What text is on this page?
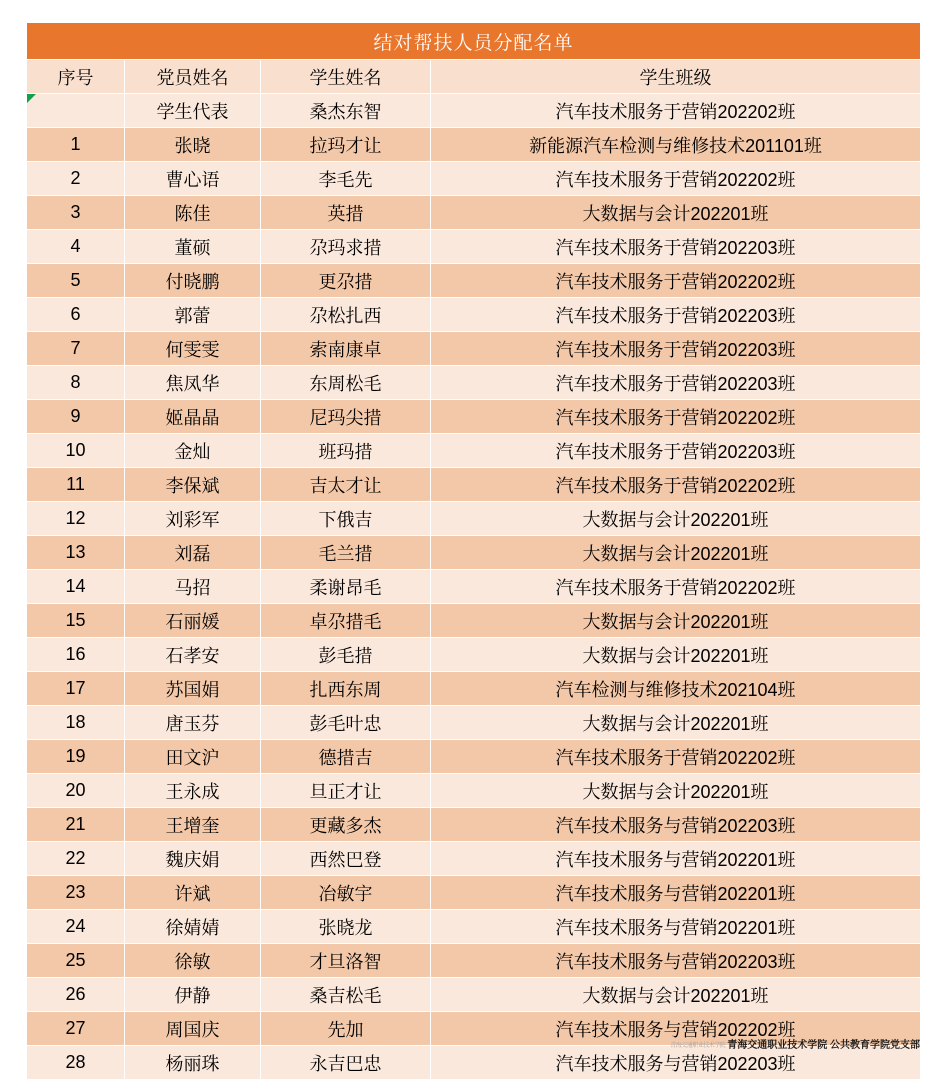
结对帮扶人员分配名单			
序号	党员姓名	学生姓名	学生班级
	学生代表	桑杰东智	汽车技术服务于营销202202班
1	张晓	拉玛才让	新能源汽车检测与维修技术201101班
2	曹心语	李毛先	汽车技术服务于营销202202班
3	陈佳	英措	大数据与会计202201班
4	董硕	尕玛求措	汽车技术服务于营销202203班
5	付晓鹏	更尕措	汽车技术服务于营销202202班
6	郭蕾	尕松扎西	汽车技术服务于营销202203班
7	何雯雯	索南康卓	汽车技术服务于营销202203班
8	焦凤华	东周松毛	汽车技术服务于营销202203班
9	姬晶晶	尼玛尖措	汽车技术服务于营销202202班
10	金灿	班玛措	汽车技术服务于营销202203班
11	李保斌	吉太才让	汽车技术服务于营销202202班
12	刘彩军	下俄吉	大数据与会计202201班
13	刘磊	毛兰措	大数据与会计202201班
14	马招	柔谢昂毛	汽车技术服务于营销202202班
15	石丽媛	卓尕措毛	大数据与会计202201班
16	石孝安	彭毛措	大数据与会计202201班
17	苏国娟	扎西东周	汽车检测与维修技术202104班
18	唐玉芬	彭毛叶忠	大数据与会计202201班
19	田文沪	德措吉	汽车技术服务于营销202202班
20	王永成	旦正才让	大数据与会计202201班
21	王增奎	更藏多杰	汽车技术服务与营销202203班
22	魏庆娟	西然巴登	汽车技术服务与营销202201班
23	许斌	冶敏宇	汽车技术服务与营销202201班
24	徐婧婧	张晓龙	汽车技术服务与营销202201班
25	徐敏	才旦洛智	汽车技术服务与营销202203班
26	伊静	桑吉松毛	大数据与会计202201班
27	周国庆	先加	汽车技术服务与营销202202班
28	杨丽珠	永吉巴忠	汽车技术服务与营销202203班
青海交通职业技术学院 青海交通职业技术学院 公共教育学院党支部
